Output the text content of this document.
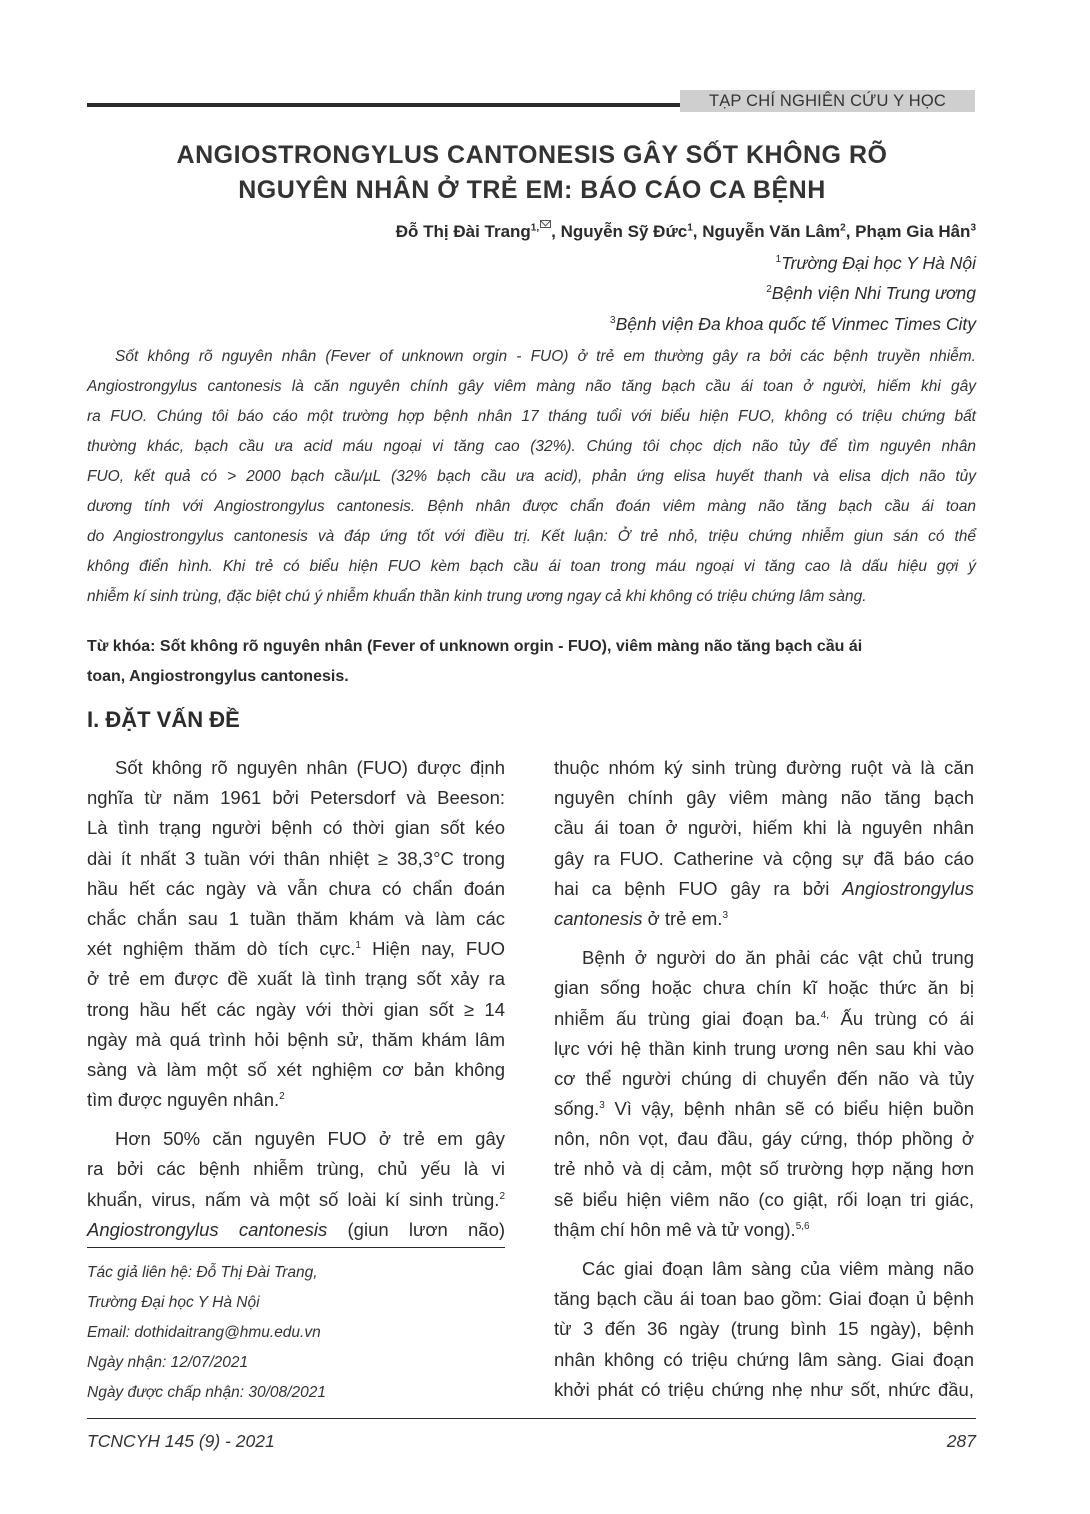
TẠP CHÍ NGHIÊN CỨU Y HỌC
ANGIOSTRONGYLUS CANTONESIS GÂY SỐT KHÔNG RÕ
NGUYÊN NHÂN Ở TRẺ EM: BÁO CÁO CA BỆNH
Đỗ Thị Đài Trang$^{1,}$ , Nguyễn Sỹ Đức$^1$, Nguyễn Văn Lâm$^2$, Phạm Gia Hân$^3$
$^1$Trường Đại học Y Hà Nội
$^2$Bệnh viện Nhi Trung ương
$^3$Bệnh viện Đa khoa quốc tế Vinmec Times City
Sốt không rõ nguyên nhân (Fever of unknown orgin - FUO) ở trẻ em thường gây ra bởi các bệnh truyền nhiễm.
Angiostrongylus cantonesis là căn nguyên chính gây viêm màng não tăng bạch cầu ái toan ở người, hiếm khi gây
ra FUO. Chúng tôi báo cáo một trường hợp bệnh nhân 17 tháng tuổi với biểu hiện FUO, không có triệu chứng bất
thường khác, bạch cầu ưa acid máu ngoại vi tăng cao (32%). Chúng tôi chọc dịch não tủy để tìm nguyên nhân
FUO, kết quả có > 2000 bạch cầu/µL (32% bạch cầu ưa acid), phản ứng elisa huyết thanh và elisa dịch não tủy
dương tính với Angiostrongylus cantonesis. Bệnh nhân được chẩn đoán viêm màng não tăng bạch cầu ái toan
do Angiostrongylus cantonesis và đáp ứng tốt với điều trị. Kết luận: Ở trẻ nhỏ, triệu chứng nhiễm giun sán có thể
không điển hình. Khi trẻ có biểu hiện FUO kèm bạch cầu ái toan trong máu ngoại vi tăng cao là dấu hiệu gợi ý
nhiễm kí sinh trùng, đặc biệt chú ý nhiễm khuẩn thần kinh trung ương ngay cả khi không có triệu chứng lâm sàng.
Từ khóa: Sốt không rõ nguyên nhân (Fever of unknown orgin - FUO), viêm màng não tăng bạch cầu ái
toan, Angiostrongylus cantonesis.
I. ĐẶT VẤN ĐỀ
Sốt không rõ nguyên nhân (FUO) được định
nghĩa từ năm 1961 bởi Petersdorf và Beeson:
Là tình trạng người bệnh có thời gian sốt kéo
dài ít nhất 3 tuần với thân nhiệt ≥ 38,3°C trong
hầu hết các ngày và vẫn chưa có chẩn đoán
chắc chắn sau 1 tuần thăm khám và làm các
xét nghiệm thăm dò tích cực.$^1$ Hiện nay, FUO
ở trẻ em được đề xuất là tình trạng sốt xảy ra
trong hầu hết các ngày với thời gian sốt ≥ 14
ngày mà quá trình hỏi bệnh sử, thăm khám lâm
sàng và làm một số xét nghiệm cơ bản không
tìm được nguyên nhân.$^2$
Hơn 50% căn nguyên FUO ở trẻ em gây
ra bởi các bệnh nhiễm trùng, chủ yếu là vi
khuẩn, virus, nấm và một số loài kí sinh trùng.$^2$
Angiostrongylus cantonesis (giun lươn não)
thuộc nhóm ký sinh trùng đường ruột và là căn
nguyên chính gây viêm màng não tăng bạch
cầu ái toan ở người, hiếm khi là nguyên nhân
gây ra FUO. Catherine và cộng sự đã báo cáo
hai ca bệnh FUO gây ra bởi Angiostrongylus
cantonesis ở trẻ em.$^3$
Bệnh ở người do ăn phải các vật chủ trung
gian sống hoặc chưa chín kĩ hoặc thức ăn bị
nhiễm ấu trùng giai đoạn ba.$^{4,}$ Ấu trùng có ái
lực với hệ thần kinh trung ương nên sau khi vào
cơ thể người chúng di chuyển đến não và tủy
sống.$^3$ Vì vậy, bệnh nhân sẽ có biểu hiện buồn
nôn, nôn vọt, đau đầu, gáy cứng, thóp phồng ở
trẻ nhỏ và dị cảm, một số trường hợp nặng hơn
sẽ biểu hiện viêm não (co giật, rối loạn tri giác,
thậm chí hôn mê và tử vong).$^{5,6}$
Các giai đoạn lâm sàng của viêm màng não
tăng bạch cầu ái toan bao gồm: Giai đoạn ủ bệnh
từ 3 đến 36 ngày (trung bình 15 ngày), bệnh
nhân không có triệu chứng lâm sàng. Giai đoạn
khởi phát có triệu chứng nhẹ như sốt, nhức đầu,
Tác giả liên hệ: Đỗ Thị Đài Trang,
Trường Đại học Y Hà Nội
Email: dothidaitrang@hmu.edu.vn
Ngày nhận: 12/07/2021
Ngày được chấp nhận: 30/08/2021
TCNCYH 145 (9) - 2021	287
